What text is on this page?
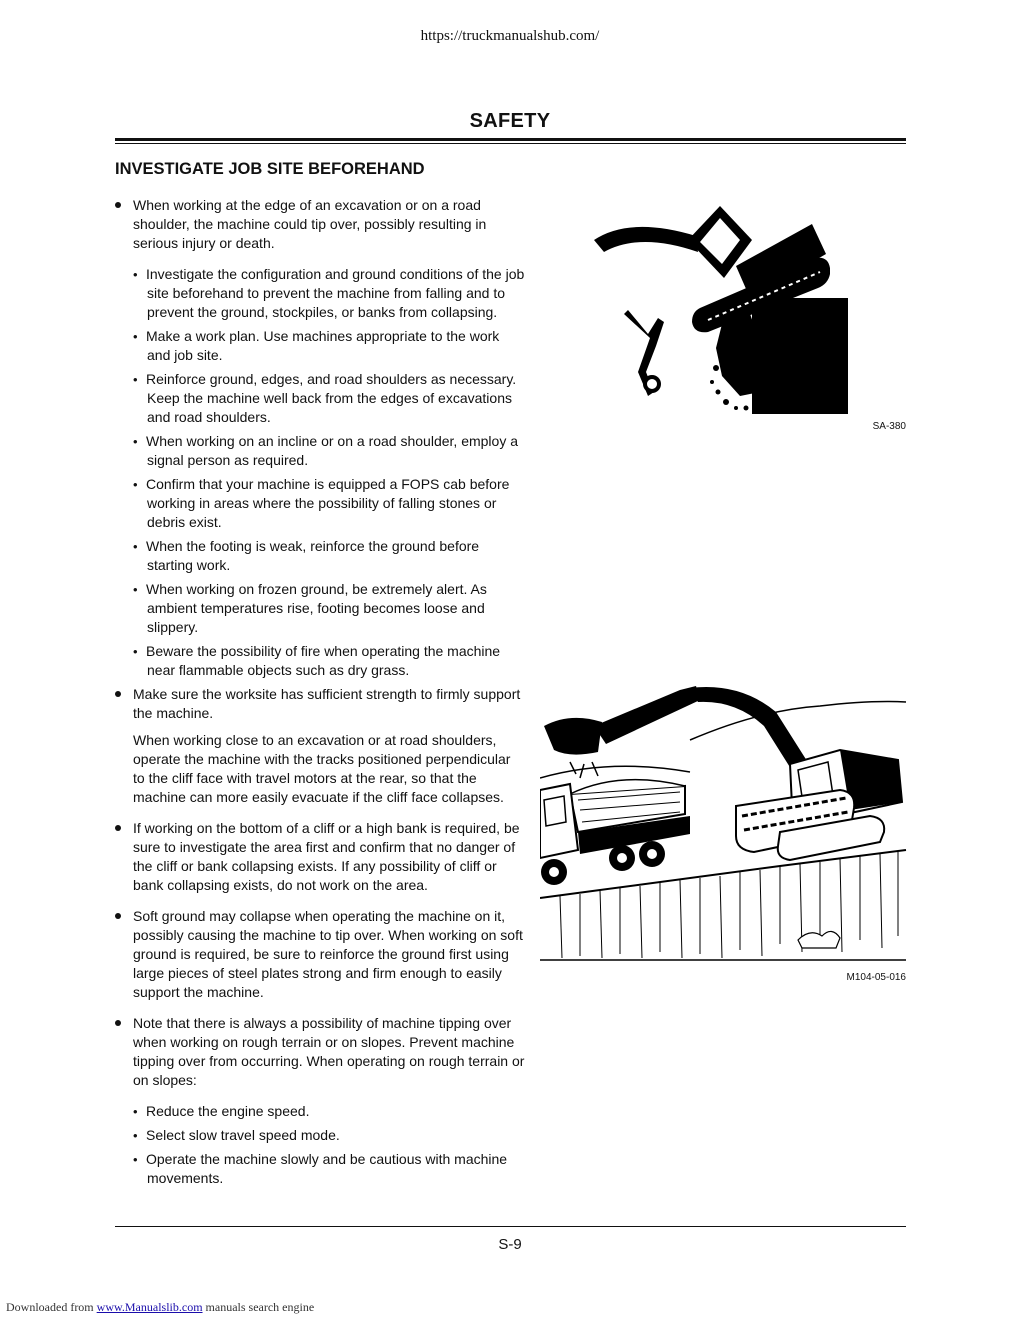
https://truckmanualshub.com/
SAFETY
INVESTIGATE JOB SITE BEFOREHAND
When working at the edge of an excavation or on a road shoulder, the machine could tip over, possibly resulting in serious injury or death.
• Investigate the configuration and ground conditions of the job site beforehand to prevent the machine from falling and to prevent the ground, stockpiles, or banks from collapsing.
• Make a work plan. Use machines appropriate to the work and job site.
• Reinforce ground, edges, and road shoulders as necessary. Keep the machine well back from the edges of excavations and road shoulders.
• When working on an incline or on a road shoulder, employ a signal person as required.
• Confirm that your machine is equipped a FOPS cab before working in areas where the possibility of falling stones or debris exist.
• When the footing is weak, reinforce the ground before starting work.
• When working on frozen ground, be extremely alert. As ambient temperatures rise, footing becomes loose and slippery.
• Beware the possibility of fire when operating the machine near flammable objects such as dry grass.
Make sure the worksite has sufficient strength to firmly support the machine.
When working close to an excavation or at road shoulders, operate the machine with the tracks positioned perpendicular to the cliff face with travel motors at the rear, so that the machine can more easily evacuate if the cliff face collapses.
If working on the bottom of a cliff or a high bank is required, be sure to investigate the area first and confirm that no danger of the cliff or bank collapsing exists. If any possibility of cliff or bank collapsing exists, do not work on the area.
Soft ground may collapse when operating the machine on it, possibly causing the machine to tip over. When working on soft ground is required, be sure to reinforce the ground first using large pieces of steel plates strong and firm enough to easily support the machine.
Note that there is always a possibility of machine tipping over when working on rough terrain or on slopes. Prevent machine tipping over from occurring. When operating on rough terrain or on slopes:
• Reduce the engine speed.
• Select slow travel speed mode.
• Operate the machine slowly and be cautious with machine movements.
SA-380
M104-05-016
S-9
Downloaded from www.Manualslib.com manuals search engine
